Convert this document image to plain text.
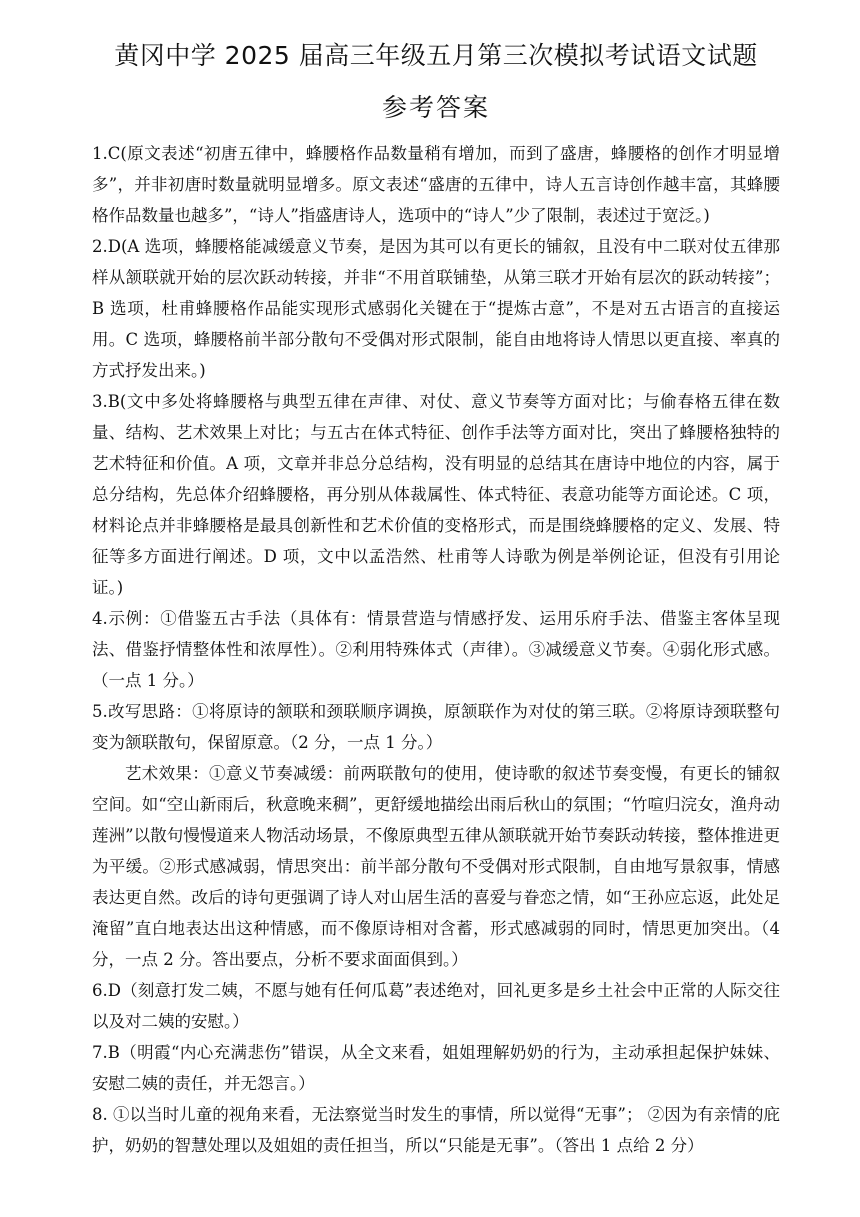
黄冈中学 2025 届高三年级五月第三次模拟考试语文试题
参考答案

1.C(原文表述“初唐五律中，蜂腰格作品数量稍有增加，而到了盛唐，蜂腰格的创作才明显增多”，并非初唐时数量就明显增多。原文表述“盛唐的五律中，诗人五言诗创作越丰富，其蜂腰格作品数量也越多”，“诗人”指盛唐诗人，选项中的“诗人”少了限制，表述过于宽泛。)

2.D(A 选项，蜂腰格能减缓意义节奏，是因为其可以有更长的铺叙，且没有中二联对仗五律那样从颔联就开始的层次跃动转接，并非“不用首联铺垫，从第三联才开始有层次的跃动转接”；B 选项，杜甫蜂腰格作品能实现形式感弱化关键在于“提炼古意”，不是对五古语言的直接运用。C 选项，蜂腰格前半部分散句不受偶对形式限制，能自由地将诗人情思以更直接、率真的方式抒发出来。)

3.B(文中多处将蜂腰格与典型五律在声律、对仗、意义节奏等方面对比；与偷春格五律在数量、结构、艺术效果上对比；与五古在体式特征、创作手法等方面对比，突出了蜂腰格独特的艺术特征和价值。A 项，文章并非总分总结构，没有明显的总结其在唐诗中地位的内容，属于总分结构，先总体介绍蜂腰格，再分别从体裁属性、体式特征、表意功能等方面论述。C 项，材料论点并非蜂腰格是最具创新性和艺术价值的变格形式，而是围绕蜂腰格的定义、发展、特征等多方面进行阐述。D 项，文中以孟浩然、杜甫等人诗歌为例是举例论证，但没有引用论证。)

4.示例：①借鉴五古手法（具体有：情景营造与情感抒发、运用乐府手法、借鉴主客体呈现法、借鉴抒情整体性和浓厚性）。②利用特殊体式（声律）。③减缓意义节奏。④弱化形式感。（一点 1 分。）

5.改写思路：①将原诗的颔联和颈联顺序调换，原颔联作为对仗的第三联。②将原诗颈联整句变为颔联散句，保留原意。（2 分，一点 1 分。）

艺术效果：①意义节奏减缓：前两联散句的使用，使诗歌的叙述节奏变慢，有更长的铺叙空间。如“空山新雨后，秋意晚来稠”，更舒缓地描绘出雨后秋山的氛围；“竹喧归浣女，渔舟动莲洲”以散句慢慢道来人物活动场景，不像原典型五律从颔联就开始节奏跃动转接，整体推进更为平缓。②形式感减弱，情思突出：前半部分散句不受偶对形式限制，自由地写景叙事，情感表达更自然。改后的诗句更强调了诗人对山居生活的喜爱与眷恋之情，如“王孙应忘返，此处足淹留”直白地表达出这种情感，而不像原诗相对含蓄，形式感减弱的同时，情思更加突出。（4 分，一点 2 分。答出要点，分析不要求面面俱到。）

6.D（刻意打发二姨，不愿与她有任何瓜葛”表述绝对，回礼更多是乡土社会中正常的人际交往以及对二姨的安慰。）

7.B（明霞“内心充满悲伤”错误，从全文来看，姐姐理解奶奶的行为，主动承担起保护妹妹、安慰二姨的责任，并无怨言。）

8. ①以当时儿童的视角来看，无法察觉当时发生的事情，所以觉得“无事”； ②因为有亲情的庇护，奶奶的智慧处理以及姐姐的责任担当，所以“只能是无事”。（答出 1 点给 2 分）
